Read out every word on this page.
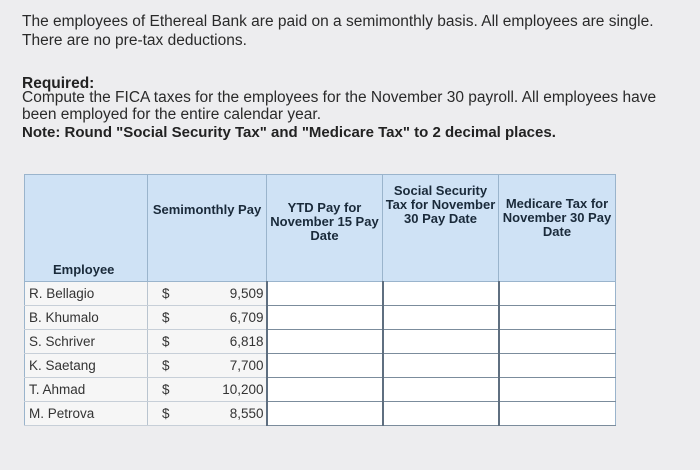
The employees of Ethereal Bank are paid on a semimonthly basis. All employees are single. There are no pre-tax deductions.
Required:
Compute the FICA taxes for the employees for the November 30 payroll. All employees have been employed for the entire calendar year.
Note: Round "Social Security Tax" and "Medicare Tax" to 2 decimal places.
Employee	Semimonthly Pay		YTD Pay for November 15 Pay Date	Social Security Tax for November 30 Pay Date	Medicare Tax for November 30 Pay Date
R. Bellagio	$	9,509			
B. Khumalo	$	6,709			
S. Schriver	$	6,818			
K. Saetang	$	7,700			
T. Ahmad	$	10,200			
M. Petrova	$	8,550			
